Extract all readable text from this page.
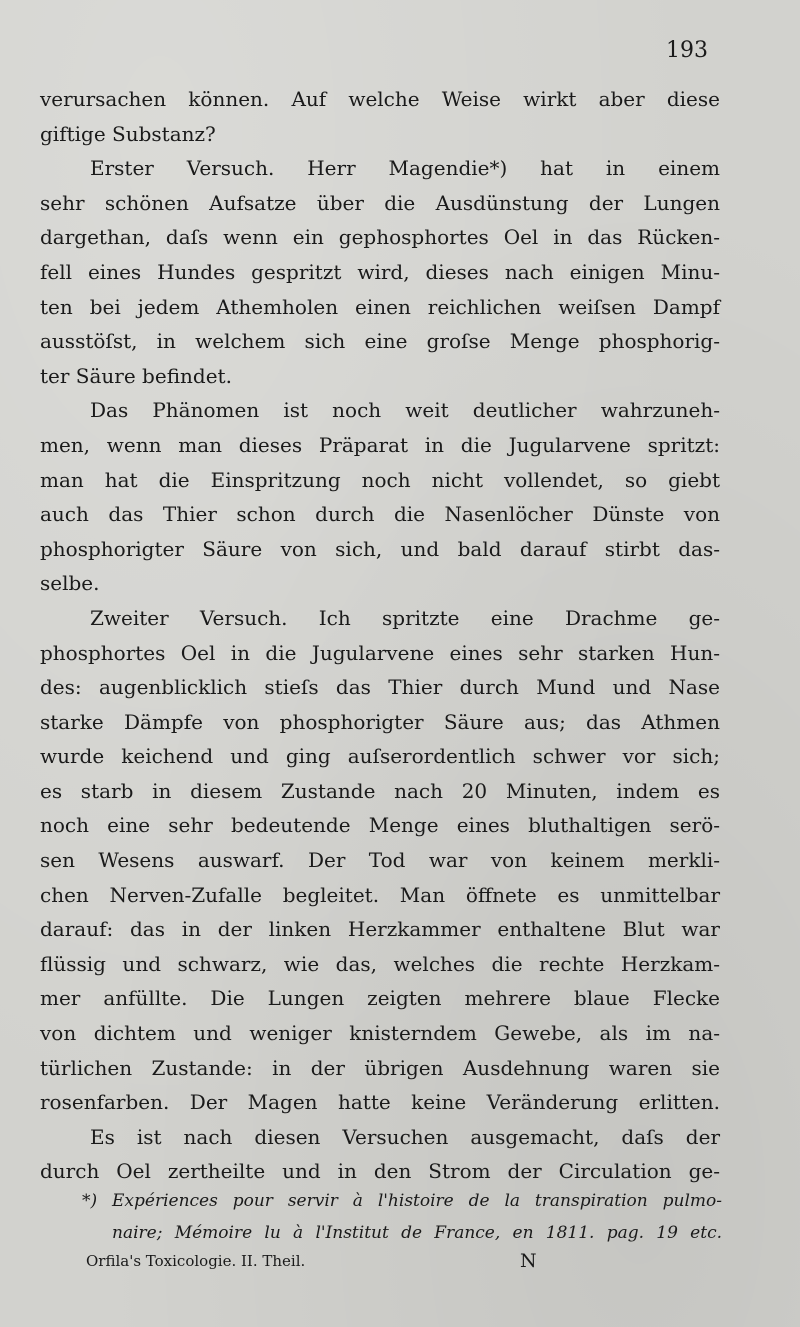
193
verursachen können. Auf welche Weise wirkt aber diese
giftige Substanz?
Erster Versuch. Herr Magendie*) hat in einem
sehr schönen Aufsatze über die Ausdünstung der Lungen
dargethan, daſs wenn ein gephosphortes Oel in das Rücken-
fell eines Hundes gespritzt wird, dieses nach einigen Minu-
ten bei jedem Athemholen einen reichlichen weiſsen Dampf
ausstöſst, in welchem sich eine groſse Menge phosphorig-
ter Säure befindet.
Das Phänomen ist noch weit deutlicher wahrzuneh-
men, wenn man dieses Präparat in die Jugularvene spritzt:
man hat die Einspritzung noch nicht vollendet, so giebt
auch das Thier schon durch die Nasenlöcher Dünste von
phosphorigter Säure von sich, und bald darauf stirbt das-
selbe.
Zweiter Versuch. Ich spritzte eine Drachme ge-
phosphortes Oel in die Jugularvene eines sehr starken Hun-
des: augenblicklich stieſs das Thier durch Mund und Nase
starke Dämpfe von phosphorigter Säure aus; das Athmen
wurde keichend und ging auſserordentlich schwer vor sich;
es starb in diesem Zustande nach 20 Minuten, indem es
noch eine sehr bedeutende Menge eines bluthaltigen serö-
sen Wesens auswarf. Der Tod war von keinem merkli-
chen Nerven-Zufalle begleitet. Man öffnete es unmittelbar
darauf: das in der linken Herzkammer enthaltene Blut war
flüssig und schwarz, wie das, welches die rechte Herzkam-
mer anfüllte. Die Lungen zeigten mehrere blaue Flecke
von dichtem und weniger knisterndem Gewebe, als im na-
türlichen Zustande: in der übrigen Ausdehnung waren sie
rosenfarben. Der Magen hatte keine Veränderung erlitten.
Es ist nach diesen Versuchen ausgemacht, daſs der
durch Oel zertheilte und in den Strom der Circulation ge-
*) Expériences pour servir à l'histoire de la transpiration pulmo-
naire; Mémoire lu à l'Institut de France, en 1811. pag. 19 etc.
Orfila's Toxicologie. II. Theil.	N
